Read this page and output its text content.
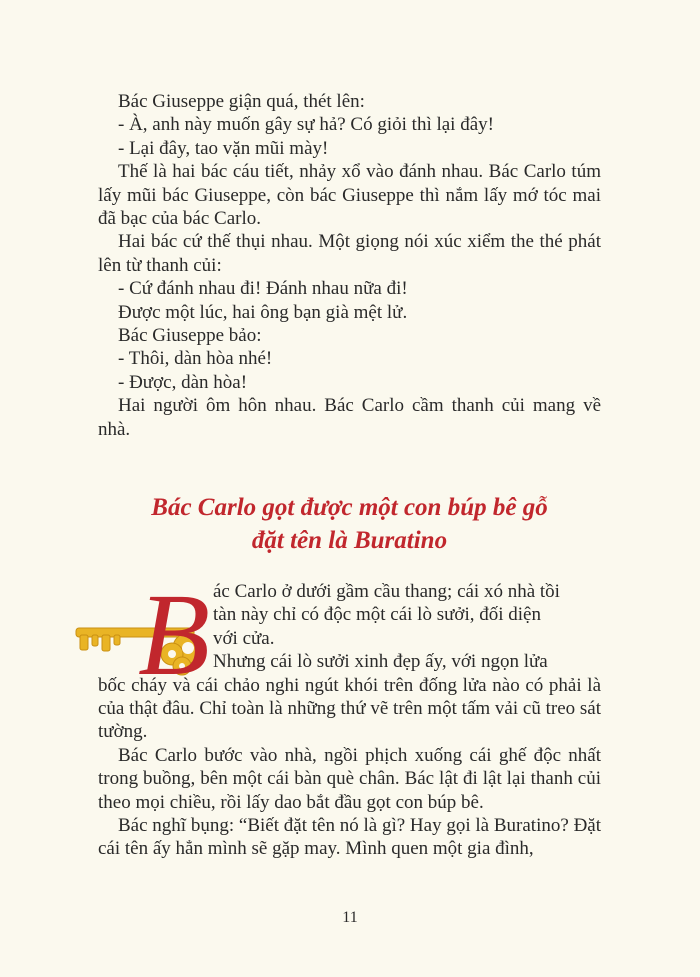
Bác Giuseppe giận quá, thét lên:

- À, anh này muốn gây sự hả? Có giỏi thì lại đây!

- Lại đây, tao vặn mũi mày!

Thế là hai bác cáu tiết, nhảy xổ vào đánh nhau. Bác Carlo túm lấy mũi bác Giuseppe, còn bác Giuseppe thì nắm lấy mớ tóc mai đã bạc của bác Carlo.

Hai bác cứ thế thụi nhau. Một giọng nói xúc xiểm the thé phát lên từ thanh củi:

- Cứ đánh nhau đi! Đánh nhau nữa đi!

Được một lúc, hai ông bạn già mệt lử.

Bác Giuseppe bảo:

- Thôi, dàn hòa nhé!

- Được, dàn hòa!

Hai người ôm hôn nhau. Bác Carlo cầm thanh củi mang về nhà.

Bác Carlo gọt được một con búp bê gỗ
đặt tên là Buratino
B ác Carlo ở dưới gầm cầu thang; cái xó nhà tồi

tàn này chỉ có độc một cái lò sưởi, đối diện

với cửa.

Nhưng cái lò sưởi xinh đẹp ấy, với ngọn lửa

bốc cháy và cái chảo nghi ngút khói trên đống lửa nào có phải là của thật đâu. Chỉ toàn là những thứ vẽ trên một tấm vải cũ treo sát tường.

Bác Carlo bước vào nhà, ngồi phịch xuống cái ghế độc nhất trong buồng, bên một cái bàn què chân. Bác lật đi lật lại thanh củi theo mọi chiều, rồi lấy dao bắt đầu gọt con búp bê.

Bác nghĩ bụng: “Biết đặt tên nó là gì? Hay gọi là Buratino? Đặt cái tên ấy hẳn mình sẽ gặp may. Mình quen một gia đình,

11
